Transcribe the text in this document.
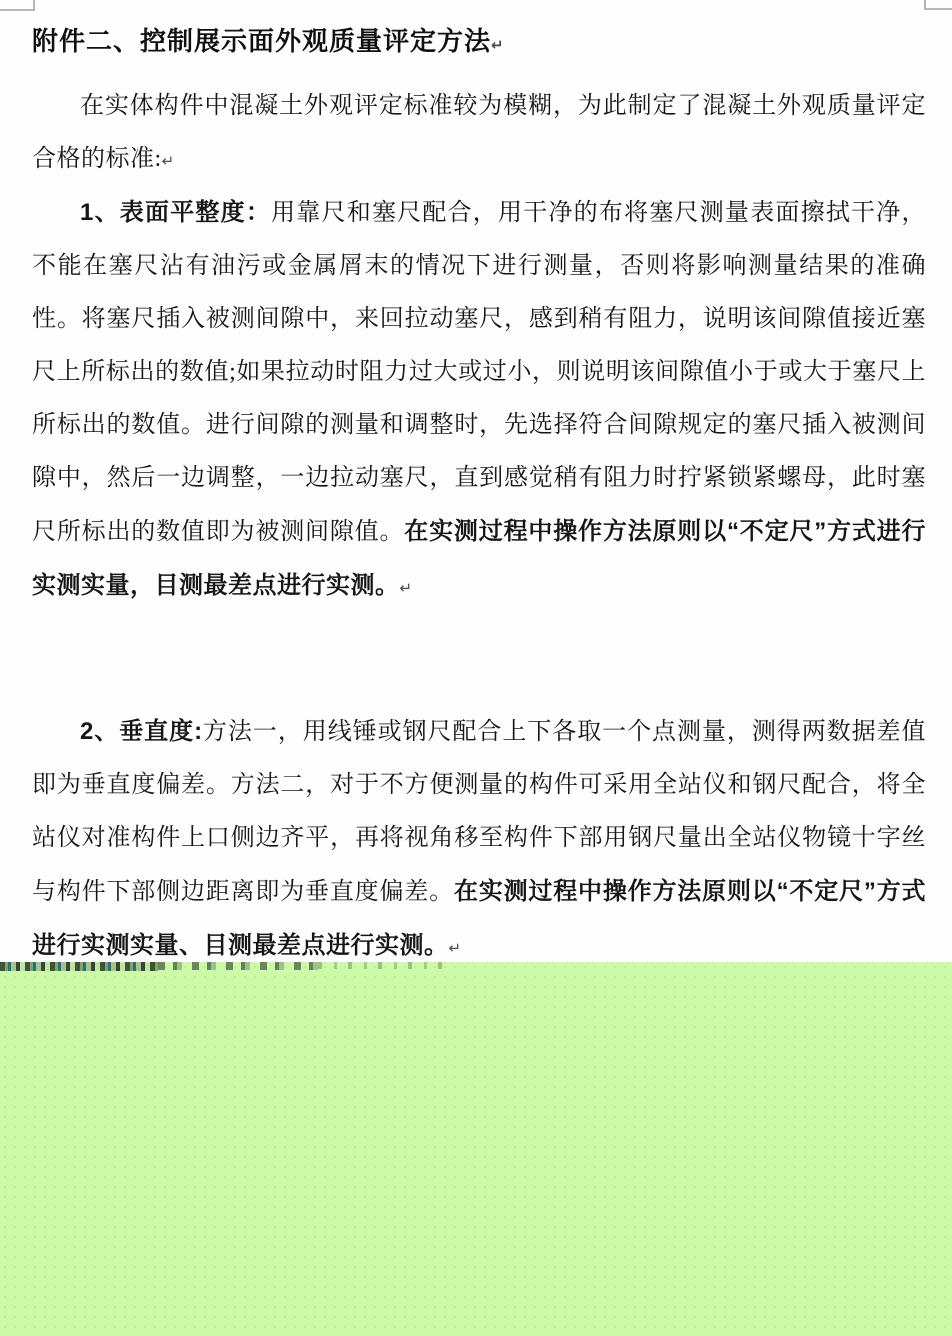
附件二、控制展示面外观质量评定方法↵

在实体构件中混凝土外观评定标准较为模糊，为此制定了混凝土外观质量评定合格的标准:↵

1、表面平整度：用靠尺和塞尺配合，用干净的布将塞尺测量表面擦拭干净，不能在塞尺沾有油污或金属屑末的情况下进行测量，否则将影响测量结果的准确性。将塞尺插入被测间隙中，来回拉动塞尺，感到稍有阻力，说明该间隙值接近塞尺上所标出的数值;如果拉动时阻力过大或过小，则说明该间隙值小于或大于塞尺上所标出的数值。进行间隙的测量和调整时，先选择符合间隙规定的塞尺插入被测间隙中，然后一边调整，一边拉动塞尺，直到感觉稍有阻力时拧紧锁紧螺母，此时塞尺所标出的数值即为被测间隙值。在实测过程中操作方法原则以“不定尺”方式进行实测实量，目测最差点进行实测。↵

2、垂直度:方法一，用线锤或钢尺配合上下各取一个点测量，测得两数据差值即为垂直度偏差。方法二，对于不方便测量的构件可采用全站仪和钢尺配合，将全站仪对准构件上口侧边齐平，再将视角移至构件下部用钢尺量出全站仪物镜十字丝与构件下部侧边距离即为垂直度偏差。在实测过程中操作方法原则以“不定尺”方式进行实测实量、目测最差点进行实测。↵
